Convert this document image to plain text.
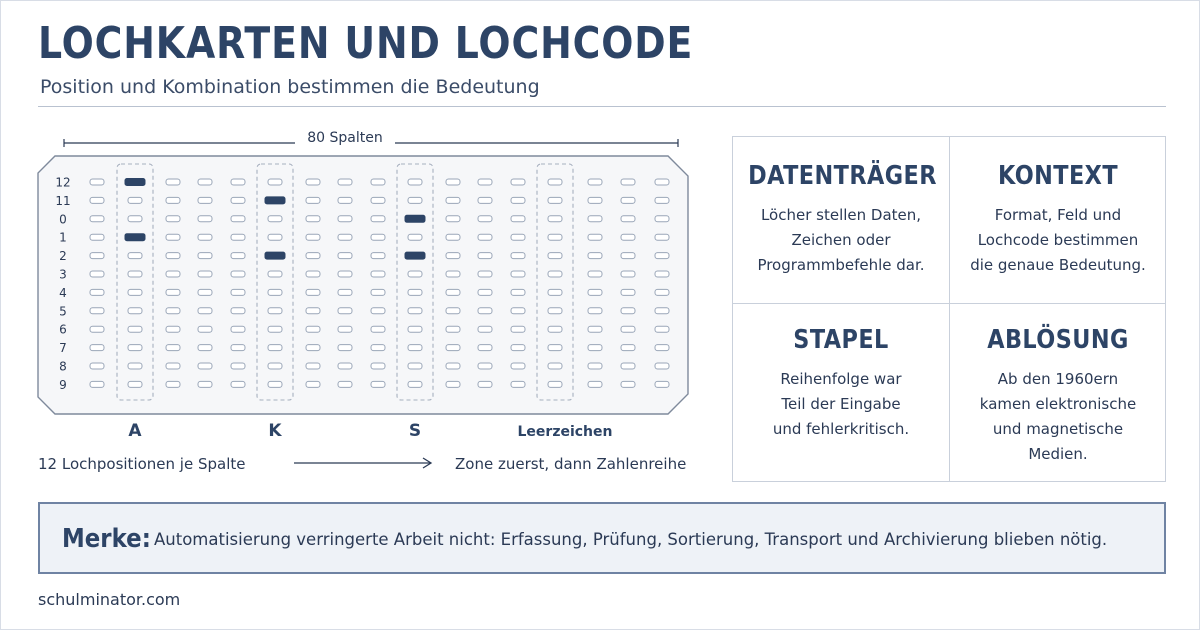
LOCHKARTEN UND LOCHCODE
Position und Kombination bestimmen die Bedeutung
12
11
0
1
2
3
4
5
6
7
8
9
A	K	S	Leerzeichen
80 Spalten
12 Lochpositionen je Spalte	Zone zuerst, dann Zahlenreihe
DATENTRÄGER

Löcher stellen Daten, Zeichen oder Programmbefehle dar.

KONTEXT

Format, Feld und Lochcode bestimmen die genaue Bedeutung.

STAPEL

Reihenfolge war Teil der Eingabe und fehlerkritisch.

ABLÖSUNG

Ab den 1960ern kamen elektronische und magnetische Medien.

Merke: Automatisierung verringerte Arbeit nicht: Erfassung, Prüfung, Sortierung, Transport und Archivierung blieben nötig.
schulminator.com
